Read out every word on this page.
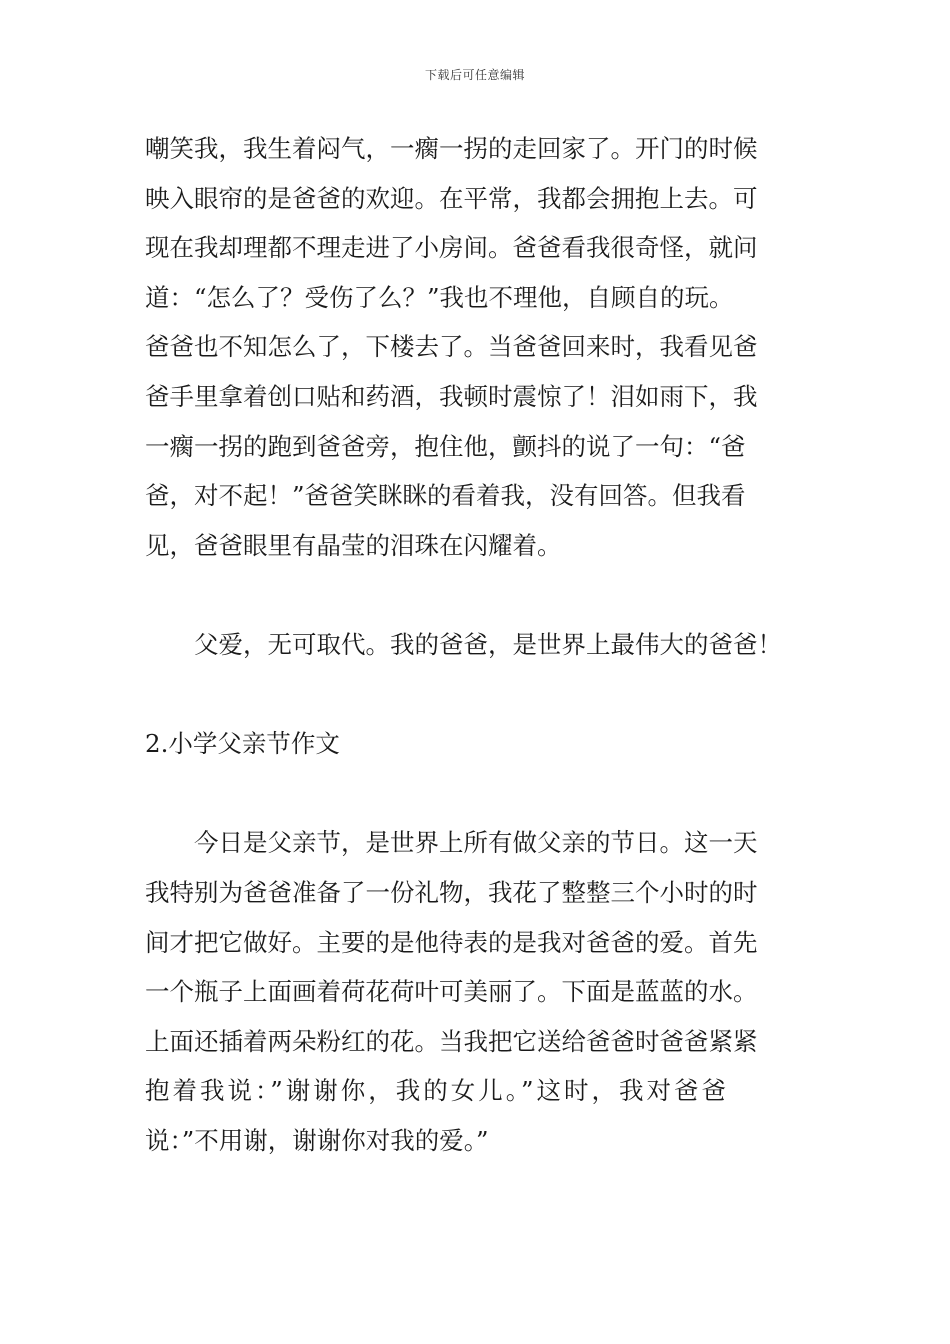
下载后可任意编辑
嘲笑我，我生着闷气，一瘸一拐的走回家了。开门的时候
映入眼帘的是爸爸的欢迎。在平常，我都会拥抱上去。可
现在我却理都不理走进了小房间。爸爸看我很奇怪，就问
道：“怎么了？受伤了么？”我也不理他，自顾自的玩。
爸爸也不知怎么了，下楼去了。当爸爸回来时，我看见爸
爸手里拿着创口贴和药酒，我顿时震惊了！泪如雨下，我
一瘸一拐的跑到爸爸旁，抱住他，颤抖的说了一句：“爸
爸，对不起！”爸爸笑眯眯的看着我，没有回答。但我看
见，爸爸眼里有晶莹的泪珠在闪耀着。
父爱，无可取代。我的爸爸，是世界上最伟大的爸爸！
2.小学父亲节作文
今日是父亲节，是世界上所有做父亲的节日。这一天
我特别为爸爸准备了一份礼物，我花了整整三个小时的时
间才把它做好。主要的是他待表的是我对爸爸的爱。首先
一个瓶子上面画着荷花荷叶可美丽了。下面是蓝蓝的水。
上面还插着两朵粉红的花。当我把它送给爸爸时爸爸紧紧
抱着我说：”谢谢你，我的女儿。”这时，我对爸爸
说：”不用谢，谢谢你对我的爱。”
